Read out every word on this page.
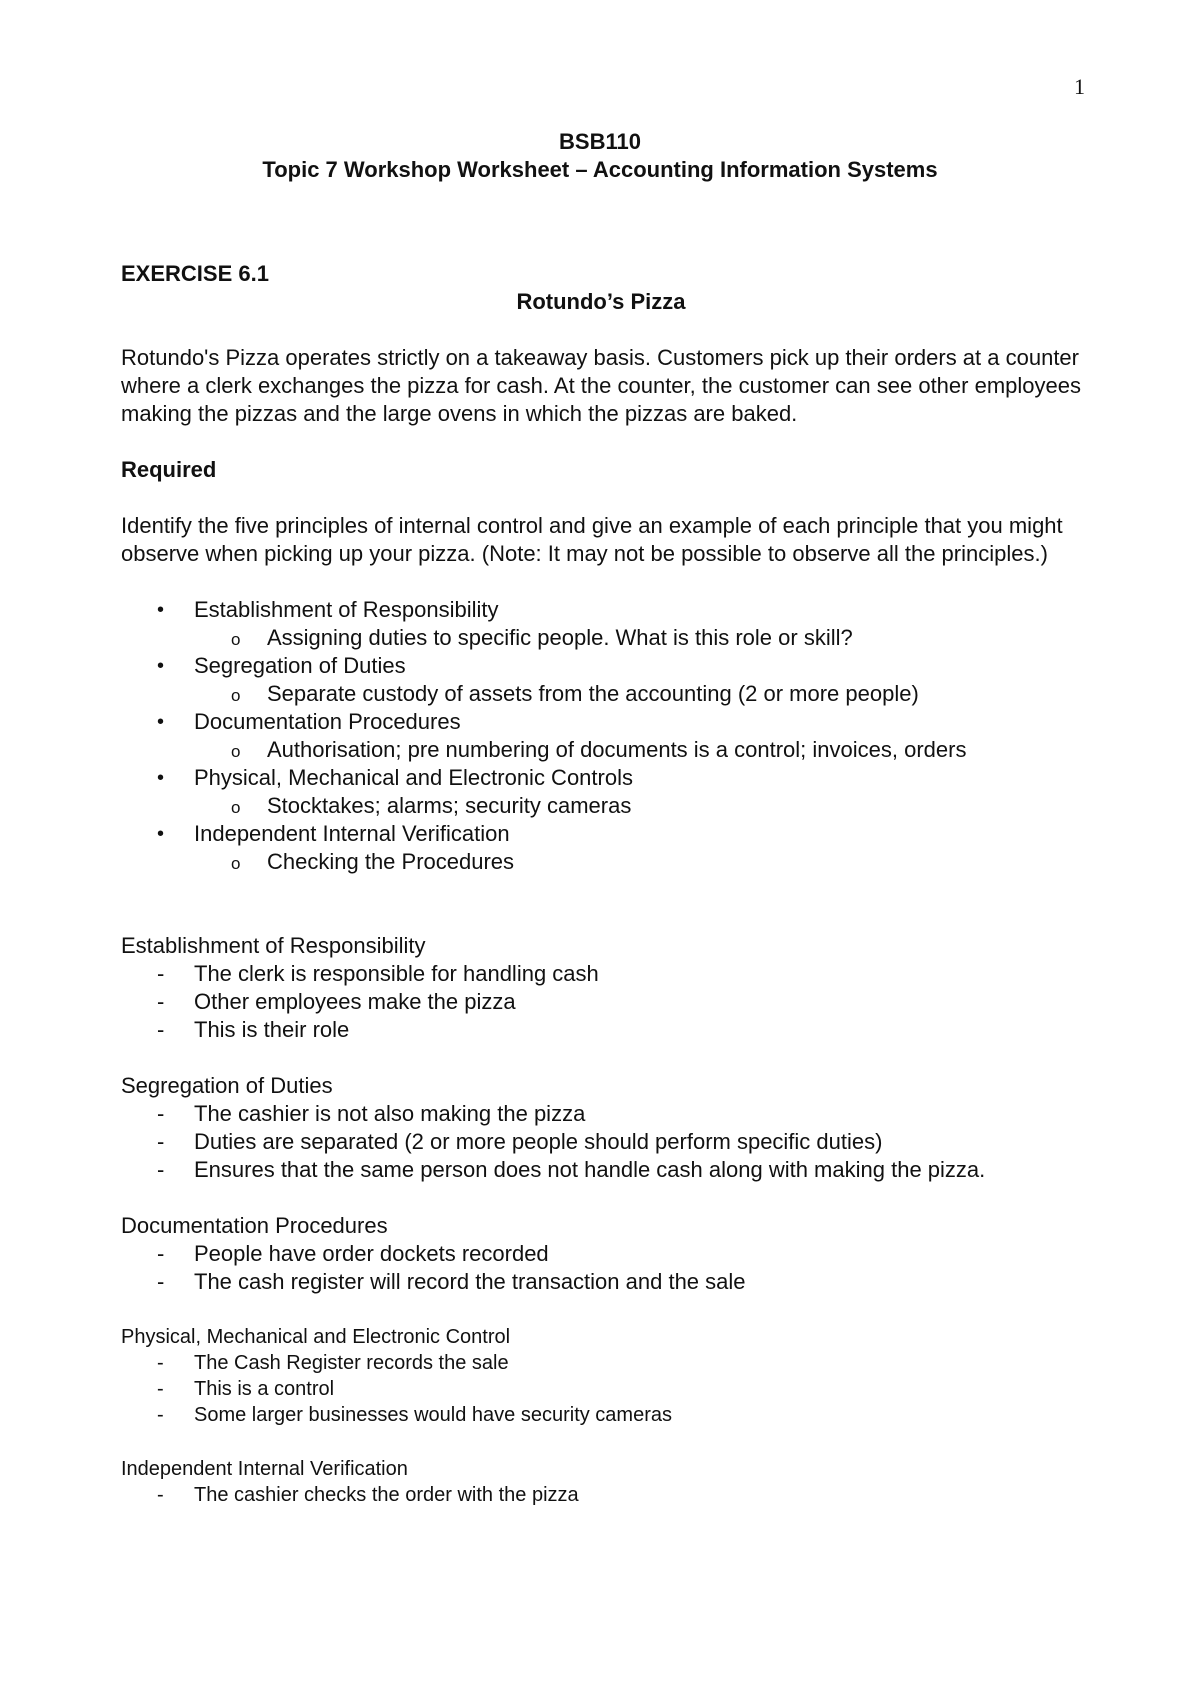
1
BSB110
Topic 7 Workshop Worksheet – Accounting Information Systems

EXERCISE 6.1

Rotundo’s Pizza

Rotundo's Pizza operates strictly on a takeaway basis. Customers pick up their orders at a counter where a clerk exchanges the pizza for cash. At the counter, the customer can see other employees making the pizzas and the large ovens in which the pizzas are baked.

Required

Identify the five principles of internal control and give an example of each principle that you might observe when picking up your pizza. (Note: It may not be possible to observe all the principles.)

• Establishment of Responsibility
o Assigning duties to specific people. What is this role or skill?
• Segregation of Duties
o Separate custody of assets from the accounting (2 or more people)
• Documentation Procedures
o Authorisation; pre numbering of documents is a control; invoices, orders
• Physical, Mechanical and Electronic Controls
o Stocktakes; alarms; security cameras
• Independent Internal Verification
o Checking the Procedures

Establishment of Responsibility

- The clerk is responsible for handling cash
- Other employees make the pizza
- This is their role

Segregation of Duties

- The cashier is not also making the pizza
- Duties are separated (2 or more people should perform specific duties)
- Ensures that the same person does not handle cash along with making the pizza.

Documentation Procedures

- People have order dockets recorded
- The cash register will record the transaction and the sale

Physical, Mechanical and Electronic Control

- The Cash Register records the sale
- This is a control
- Some larger businesses would have security cameras

Independent Internal Verification

- The cashier checks the order with the pizza
